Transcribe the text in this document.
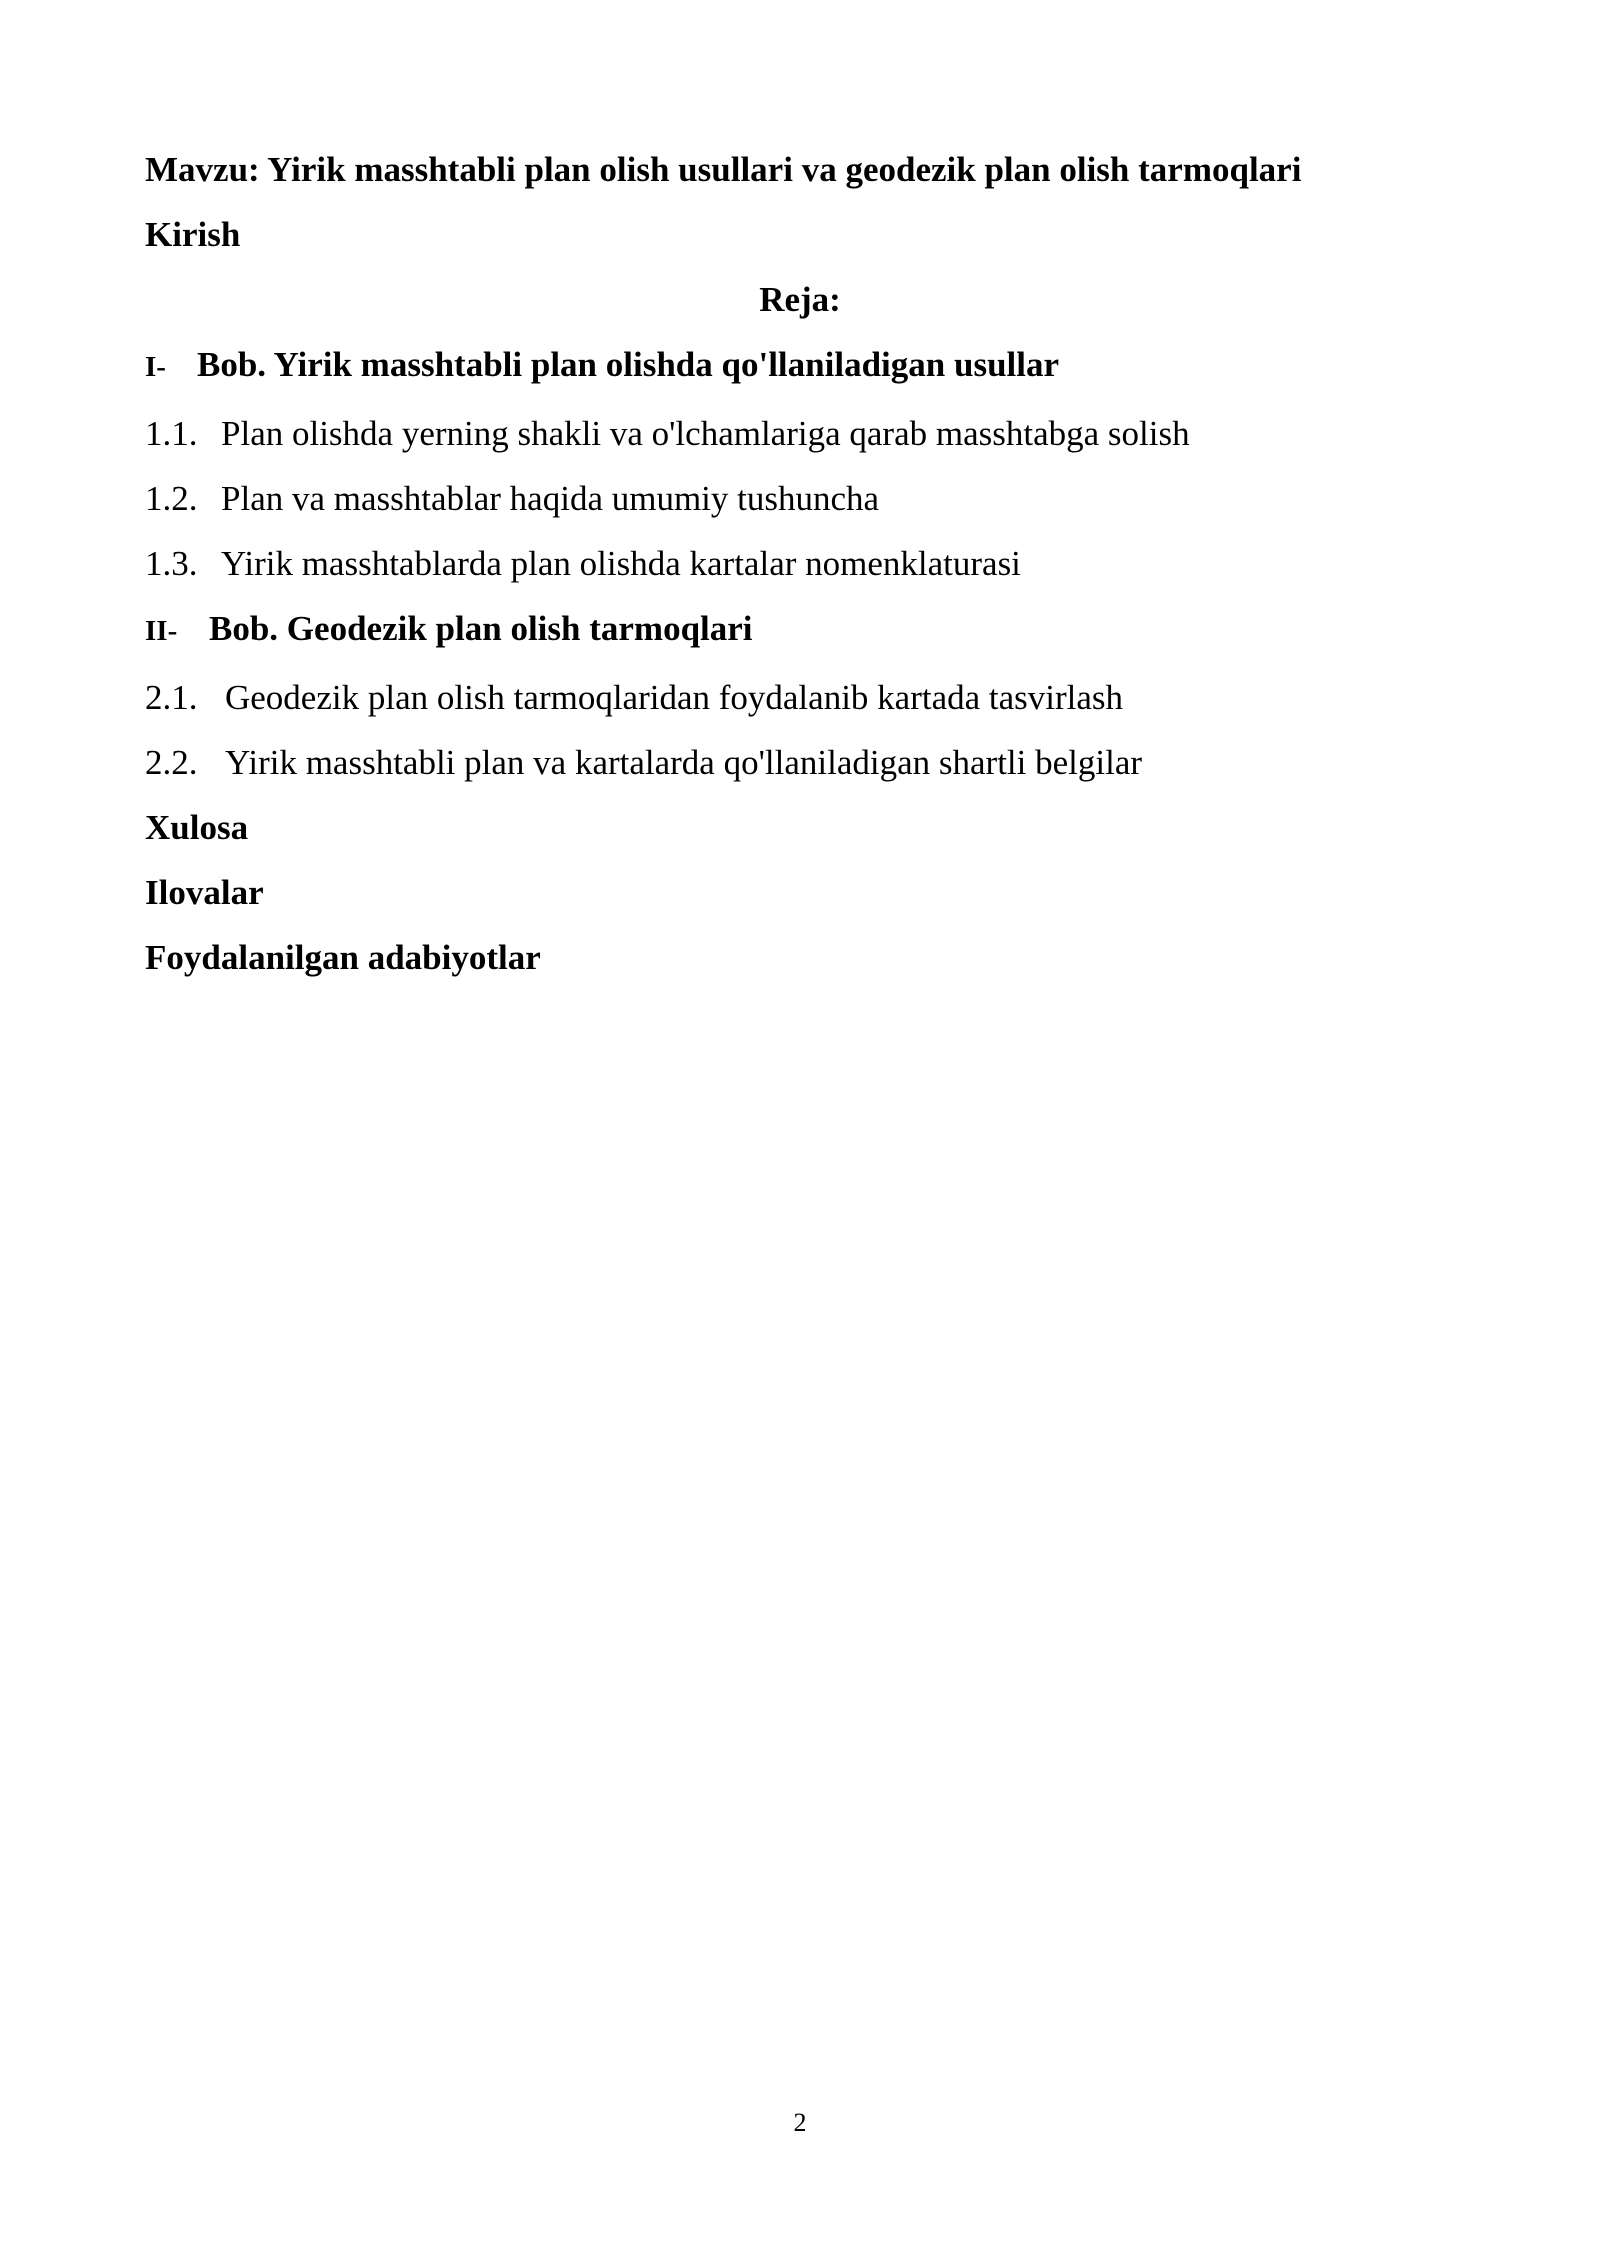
Mavzu: Yirik masshtabli plan olish usullari va geodezik plan olish tarmoqlari
Kirish
Reja:
I- Bob. Yirik masshtabli plan olishda qo'llaniladigan usullar
1.1. Plan olishda yerning shakli va o'lchamlariga qarab masshtabga solish
1.2. Plan va masshtablar haqida umumiy tushuncha
1.3. Yirik masshtablarda plan olishda kartalar nomenklaturasi
II- Bob. Geodezik plan olish tarmoqlari
2.1. Geodezik plan olish tarmoqlaridan foydalanib kartada tasvirlash
2.2. Yirik masshtabli plan va kartalarda qo'llaniladigan shartli belgilar
Xulosa
Ilovalar
Foydalanilgan adabiyotlar
2
